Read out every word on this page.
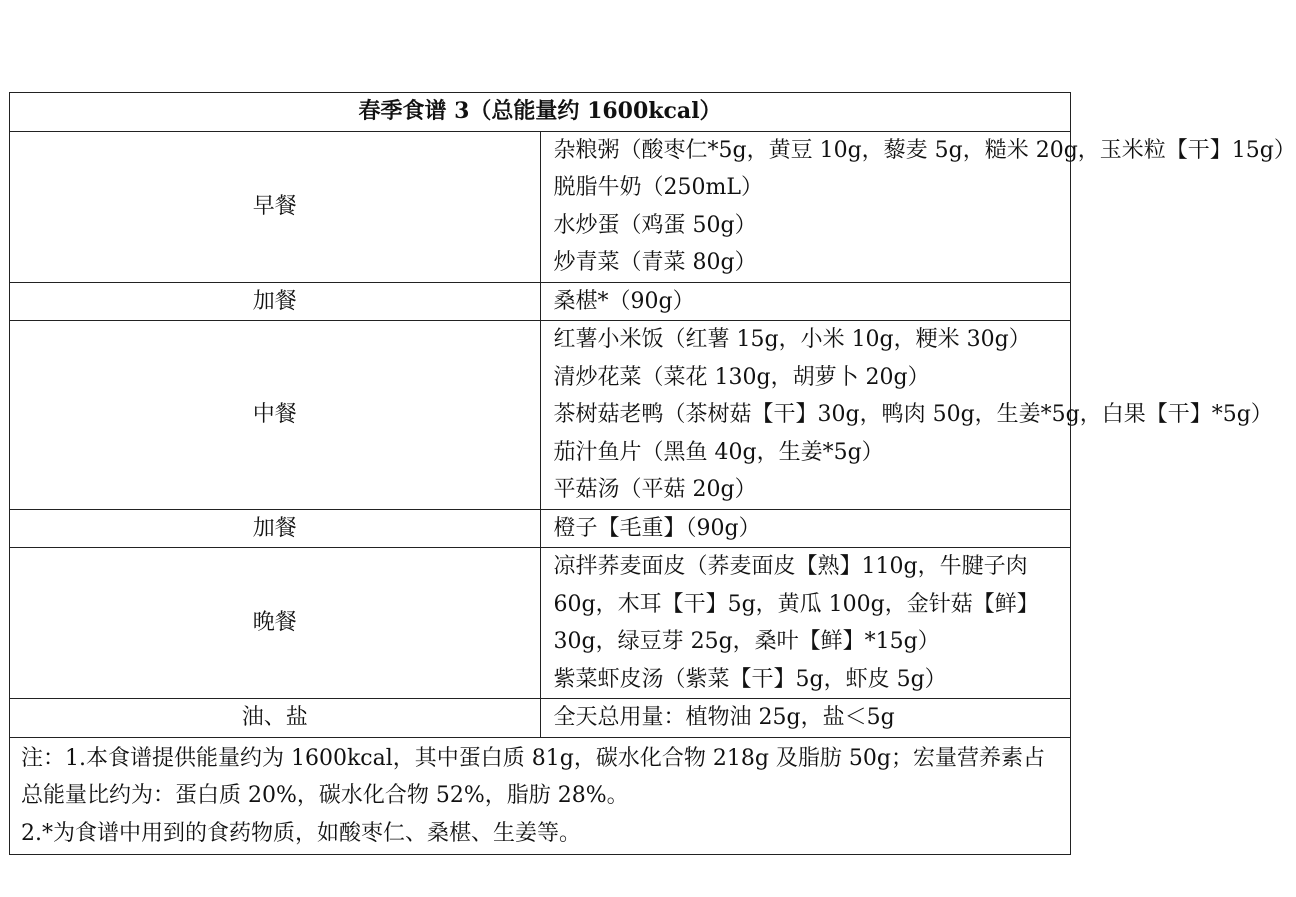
春季食谱 3（总能量约 1600kcal）	
早餐	杂粮粥（酸枣仁*5g，黄豆 10g，藜麦 5g，糙米 20g，玉米粒【干】15g）
脱脂牛奶（250mL）
水炒蛋（鸡蛋 50g）
炒青菜（青菜 80g）

加餐	桑椹*（90g）

中餐	红薯小米饭（红薯 15g，小米 10g，粳米 30g）
清炒花菜（菜花 130g，胡萝卜 20g）
茶树菇老鸭（茶树菇【干】30g，鸭肉 50g，生姜*5g，白果【干】*5g）
茄汁鱼片（黑鱼 40g，生姜*5g）
平菇汤（平菇 20g）

加餐	橙子【毛重】（90g）

晚餐	凉拌荞麦面皮（荞麦面皮【熟】110g，牛腱子肉 60g，木耳【干】5g，黄瓜 100g，金针菇【鲜】30g，绿豆芽 25g，桑叶【鲜】*15g）
紫菜虾皮汤（紫菜【干】5g，虾皮 5g）

油、盐	全天总用量：植物油 25g，盐＜5g

注：1.本食谱提供能量约为 1600kcal，其中蛋白质 81g，碳水化合物 218g 及脂肪 50g；宏量营养素占总能量比约为：蛋白质 20%，碳水化合物 52%，脂肪 28%。
2.*为食谱中用到的食药物质，如酸枣仁、桑椹、生姜等。	
